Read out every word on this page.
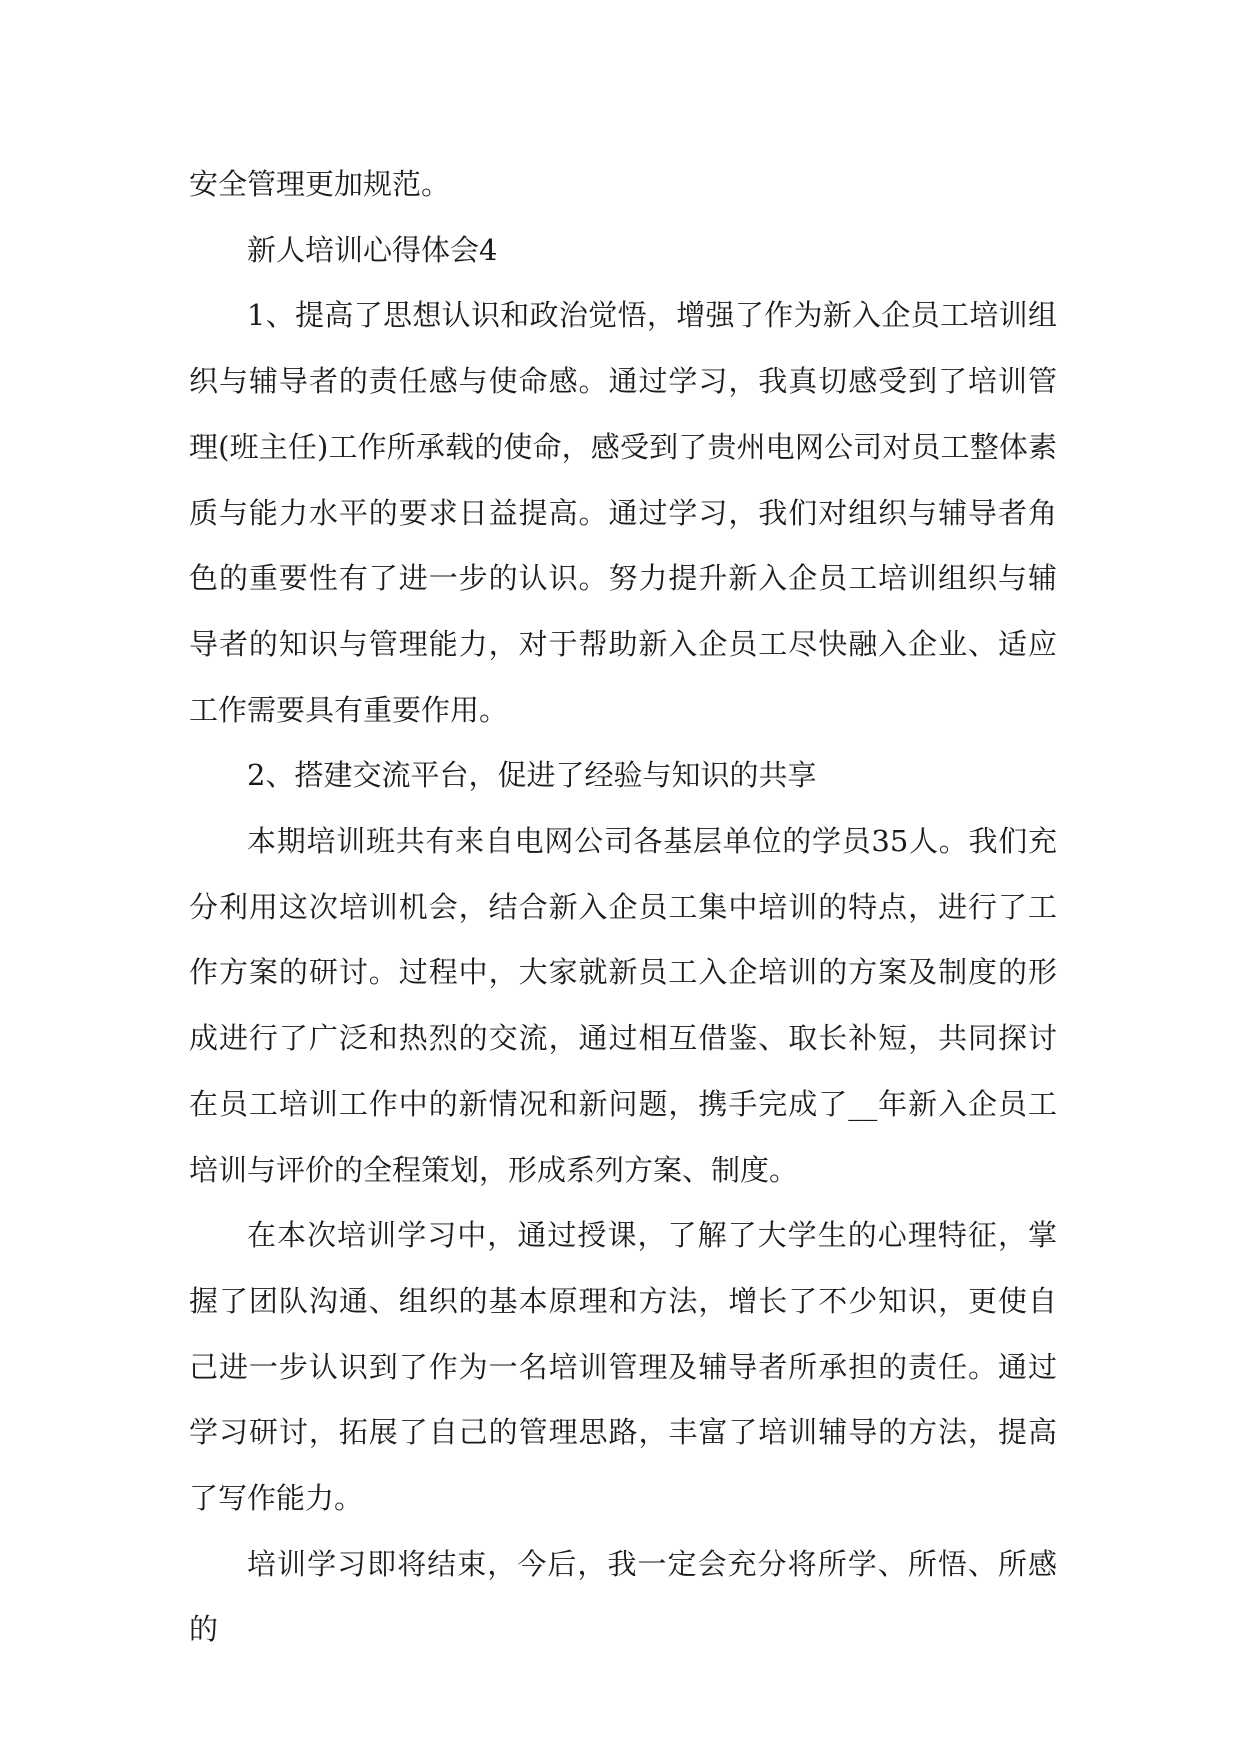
安全管理更加规范。

新人培训心得体会4

1、提高了思想认识和政治觉悟，增强了作为新入企员工培训组织与辅导者的责任感与使命感。通过学习，我真切感受到了培训管理(班主任)工作所承载的使命，感受到了贵州电网公司对员工整体素质与能力水平的要求日益提高。通过学习，我们对组织与辅导者角色的重要性有了进一步的认识。努力提升新入企员工培训组织与辅导者的知识与管理能力，对于帮助新入企员工尽快融入企业、适应工作需要具有重要作用。

2、搭建交流平台，促进了经验与知识的共享

本期培训班共有来自电网公司各基层单位的学员35人。我们充分利用这次培训机会，结合新入企员工集中培训的特点，进行了工作方案的研讨。过程中，大家就新员工入企培训的方案及制度的形成进行了广泛和热烈的交流，通过相互借鉴、取长补短，共同探讨在员工培训工作中的新情况和新问题，携手完成了__年新入企员工培训与评价的全程策划，形成系列方案、制度。

在本次培训学习中，通过授课，了解了大学生的心理特征，掌握了团队沟通、组织的基本原理和方法，增长了不少知识，更使自己进一步认识到了作为一名培训管理及辅导者所承担的责任。通过学习研讨，拓展了自己的管理思路，丰富了培训辅导的方法，提高了写作能力。

培训学习即将结束，今后，我一定会充分将所学、所悟、所感的
